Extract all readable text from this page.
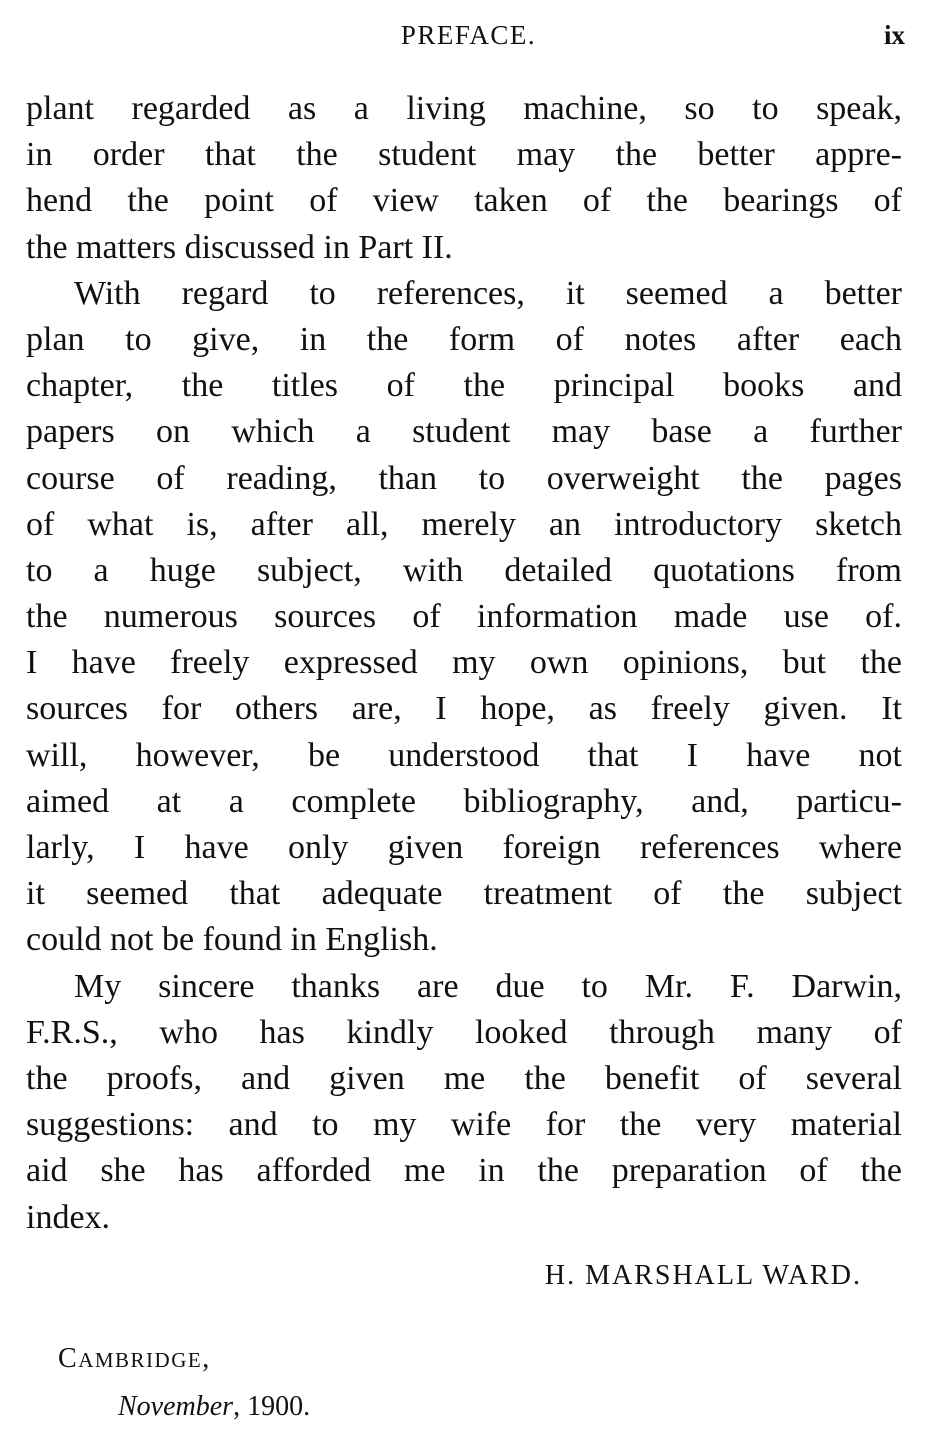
PREFACE.	ix
plant regarded as a living machine, so to speak,
in order that the student may the better appre-
hend the point of view taken of the bearings of
the matters discussed in Part II.
With regard to references, it seemed a better
plan to give, in the form of notes after each
chapter, the titles of the principal books and
papers on which a student may base a further
course of reading, than to overweight the pages
of what is, after all, merely an introductory sketch
to a huge subject, with detailed quotations from
the numerous sources of information made use of.
I have freely expressed my own opinions, but the
sources for others are, I hope, as freely given. It
will, however, be understood that I have not
aimed at a complete bibliography, and, particu-
larly, I have only given foreign references where
it seemed that adequate treatment of the subject
could not be found in English.
My sincere thanks are due to Mr. F. Darwin,
F.R.S., who has kindly looked through many of
the proofs, and given me the benefit of several
suggestions: and to my wife for the very material
aid she has afforded me in the preparation of the
index.
H. MARSHALL WARD.
CAMBRIDGE,
November, 1900.
